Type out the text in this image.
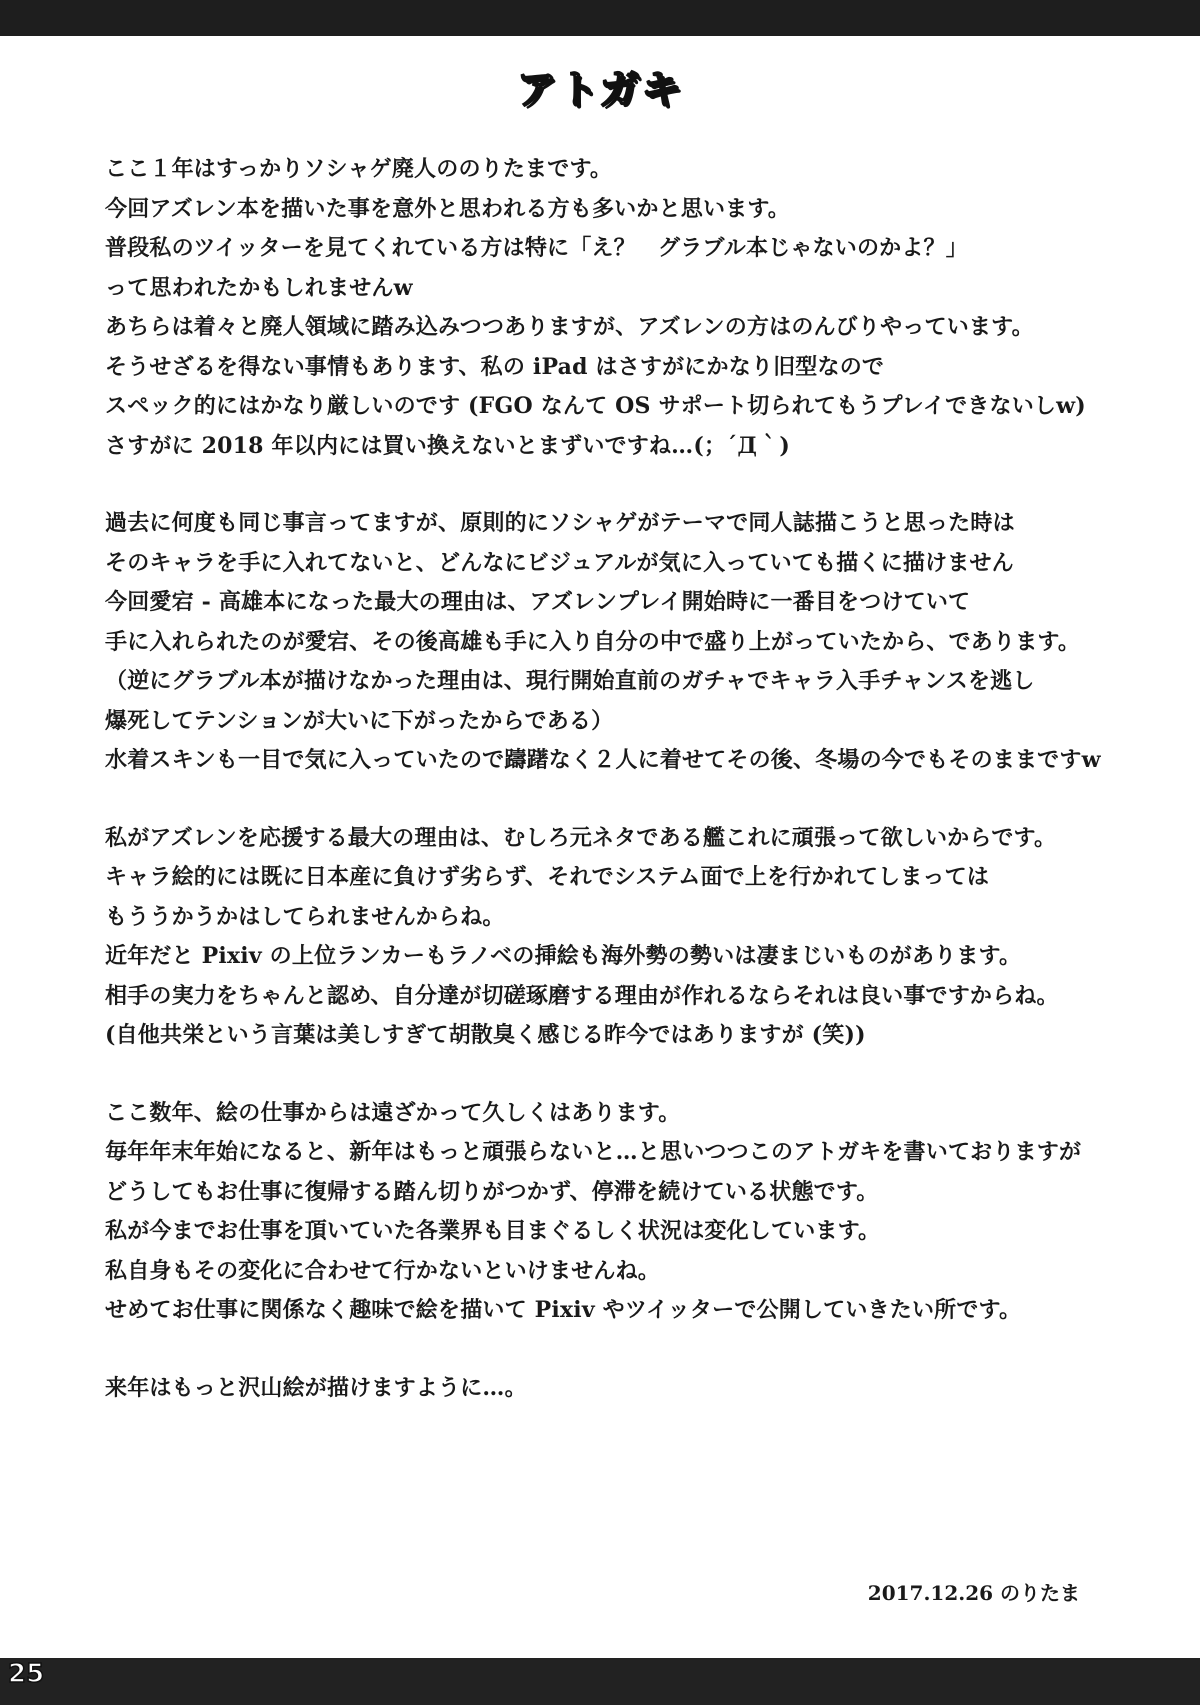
アトガキ
ここ１年はすっかりソシャゲ廃人ののりたまです。
今回アズレン本を描いた事を意外と思われる方も多いかと思います。
普段私のツイッターを見てくれている方は特に「え？　グラブル本じゃないのかよ？」
って思われたかもしれませんw
あちらは着々と廃人領域に踏み込みつつありますが、アズレンの方はのんびりやっています。
そうせざるを得ない事情もあります、私の iPad はさすがにかなり旧型なので
スペック的にはかなり厳しいのです (FGO なんて OS サポート切られてもうプレイできないしw)
さすがに 2018 年以内には買い換えないとまずいですね…(；´Д｀)
過去に何度も同じ事言ってますが、原則的にソシャゲがテーマで同人誌描こうと思った時は
そのキャラを手に入れてないと、どんなにビジュアルが気に入っていても描くに描けません
今回愛宕 - 高雄本になった最大の理由は、アズレンプレイ開始時に一番目をつけていて
手に入れられたのが愛宕、その後高雄も手に入り自分の中で盛り上がっていたから、であります。
（逆にグラブル本が描けなかった理由は、現行開始直前のガチャでキャラ入手チャンスを逃し
爆死してテンションが大いに下がったからである）
水着スキンも一目で気に入っていたので躊躇なく２人に着せてその後、冬場の今でもそのままですw
私がアズレンを応援する最大の理由は、むしろ元ネタである艦これに頑張って欲しいからです。
キャラ絵的には既に日本産に負けず劣らず、それでシステム面で上を行かれてしまっては
もううかうかはしてられませんからね。
近年だと Pixiv の上位ランカーもラノベの挿絵も海外勢の勢いは凄まじいものがあります。
相手の実力をちゃんと認め、自分達が切磋琢磨する理由が作れるならそれは良い事ですからね。
(自他共栄という言葉は美しすぎて胡散臭く感じる昨今ではありますが (笑))
ここ数年、絵の仕事からは遠ざかって久しくはあります。
毎年年末年始になると、新年はもっと頑張らないと…と思いつつこのアトガキを書いておりますが
どうしてもお仕事に復帰する踏ん切りがつかず、停滞を続けている状態です。
私が今までお仕事を頂いていた各業界も目まぐるしく状況は変化しています。
私自身もその変化に合わせて行かないといけませんね。
せめてお仕事に関係なく趣味で絵を描いて Pixiv やツイッターで公開していきたい所です。
来年はもっと沢山絵が描けますように…。
2017.12.26 のりたま
25
